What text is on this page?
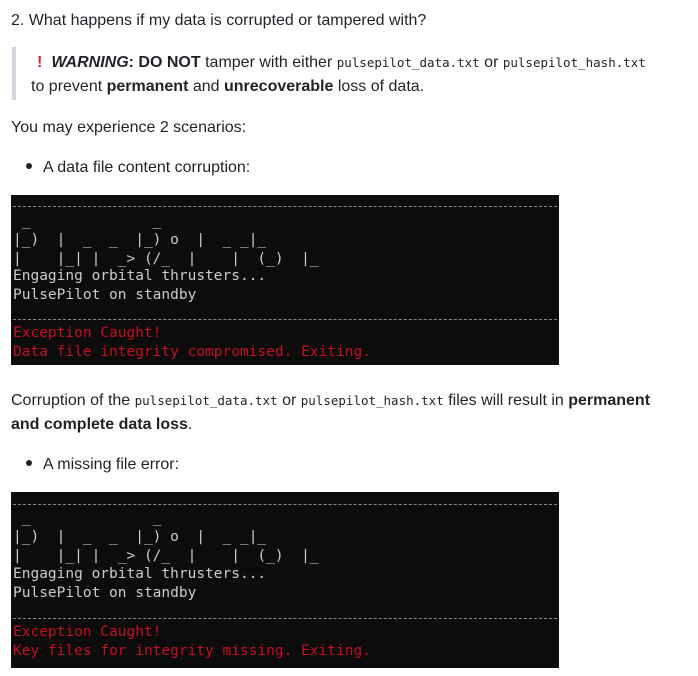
2. What happens if my data is corrupted or tampered with?
! WARNING: DO NOT tamper with either pulsepilot_data.txt or pulsepilot_hash.txt
to prevent permanent and unrecoverable loss of data.
You may experience 2 scenarios:
A data file content corruption:
_              _
|_)  |  _  _  |_) o  |  _ _|_
|    |_| |  _> (/_  |    |  (_)  |_
Engaging orbital thrusters...
PulsePilot on standby
Exception Caught!
Data file integrity compromised. Exiting.
Corruption of the pulsepilot_data.txt or pulsepilot_hash.txt files will result in permanent
and complete data loss.
A missing file error:
_              _
|_)  |  _  _  |_) o  |  _ _|_
|    |_| |  _> (/_  |    |  (_)  |_
Engaging orbital thrusters...
PulsePilot on standby
Exception Caught!
Key files for integrity missing. Exiting.
